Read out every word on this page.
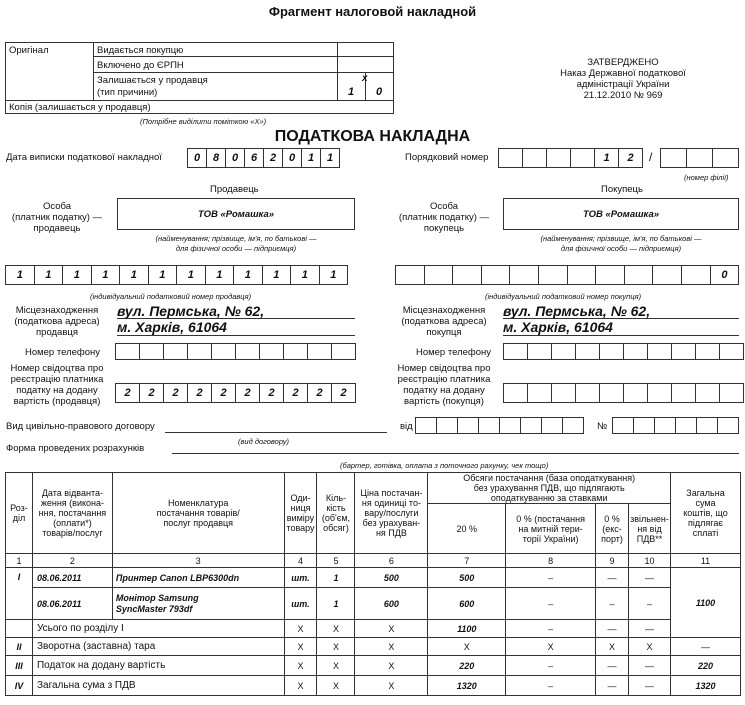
Фрагмент налоговой накладной
Оригінал	Видається покупцю
Включено до ЄРПН
Залишається у продавця
(тип причини)
х
1 0
Копія (залишається у продавця)
(Потрібне виділити поміткою «Х»)
ЗАТВЕРДЖЕНО
Наказ Державної податкової
адміністрації України
21.12.2010 № 969
ПОДАТКОВА НАКЛАДНА
Дата виписки податкової накладної	0	8	0	6	2	0	1	1	Порядковий номер	1	2	/
(номер філії)
Продавець	Покупець
Особа
(платник податку) —
продавець
ТОВ «Ромашка»
(найменування; прізвище, ім'я, по батькові —
для фізичної особи — підприємця)
Особа
(платник податку) —
покупець
ТОВ «Ромашка»
(найменування; прізвище, ім'я, по батькові —
для фізичної особи — підприємця)
1	1	1	1	1	1	1	1	1	1	1	1	0
(індивідуальний податковий номер продавця)	(індивідуальний податковий номер покупця)
Місцезнаходження
(податкова адреса)
продавця
вул. Пермська, № 62,
м. Харків, 61064
Місцезнаходження
(податкова адреса)
покупця
вул. Пермська, № 62,
м. Харків, 61064
Номер телефону	Номер телефону
Номер свідоцтва про
реєстрацію платника
податку на додану
вартість (продавця)
2	2	2	2	2	2	2	2	2	2
Номер свідоцтва про
реєстрацію платника
податку на додану
вартість (покупця)
Вид цивільно-правового договору
(вид договору)
від	№
Форма проведених розрахунків
(бартер, готівка, оплата з поточного рахунку, чек тощо)
Роз-
діл	Дата відванта-
ження (викона-
ння, постачання
(оплати*)
товарів/послуг	Номенклатура
постачання товарів/
послуг продавця	Оди-
ниця
виміру
товару	Кіль-
кість
(об'єм,
обсяг)	Ціна постачан-
ня одиниці то-
вару/послуги
без урахуван-
ня ПДВ	Обсяги постачання (база оподаткування)
без урахування ПДВ, що підлягають
оподаткуванню за ставками				Загальна
сума
коштів, що
підлягає
сплаті
						20 %	0 % (постачання
на митній тери-
торії України)	0 %
(екс-
порт)	звільнен-
ня від
ПДВ**	
1	2	3	4	5	6	7	8	9	10	11
I	08.06.2011	Принтер Canon LBP6300dn	шт.	1	500	500	–	—	—	1100
	08.06.2011	Монітор Samsung
SyncMaster 793df	шт.	1	600	600	–	–	–	
	Усього по розділу I		Х	Х	Х	1100	–	—	—	
II	Зворотна (заставна) тара		Х	Х	Х	Х	Х	Х	Х	—
III	Податок на додану вартість		Х	Х	Х	220	–	—	—	220
IV	Загальна сума з ПДВ		Х	Х	Х	1320	–	—	—	1320
